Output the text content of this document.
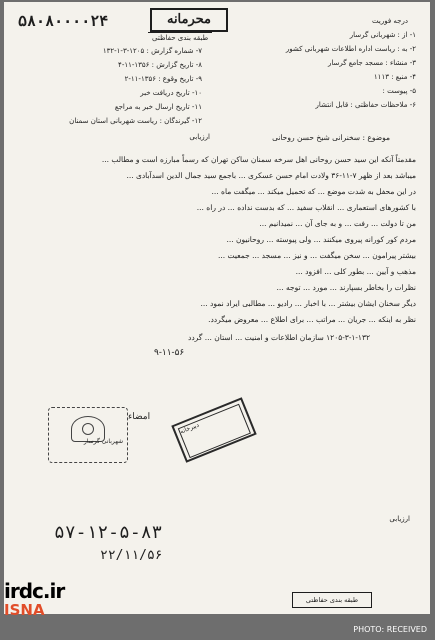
۵۸۰۸۰۰۰۰۲۴	محرمانه
طبقه بندی حفاظتی
درجه فوریت
۱- از : شهربانی گرسار
۲- به : ریاست اداره اطلاعات شهربانی کشور
۳- منشاء : مسجد جامع گرسار
۴- منبع : ۱۱۱۳
۵- پیوست :
۶- ملاحظات حفاظتی : قابل انتشار
۷- شماره گزارش : ۱۲۰۵-۳-۱-۱۳۲
۸- تاریخ گزارش : ۱۳۵۶-۱۱-۴
۹- تاریخ وقوع : ۱۳۵۶-۱۱-۲
۱۰- تاریخ دریافت خبر
۱۱- تاریخ ارسال خبر به مراجع
۱۲- گیرندگان : ریاست شهربانی استان سمنان
موضوع : سخنرانی شیخ حسن روحانی
ارزیابی
مقدمتاً آنکه این سید حسن روحانی اهل سرخه سمنان ساکن تهران که رسماً مبارزه است و مطالب ...
میباشد بعد از ظهر ۷-۱۱-۳۶ ولادت امام حسن عسکری ... باجمع سید جمال الدین اسدآبادی ...
در این محفل به شدت موضع ... که تحمیل میکند ... میگفت ماه ...
با کشورهای استعماری ... انقلاب سفید ... که بدست نداده ... در راه ...
من تا دولت ... رفت ... و به جای آن ... نمیدانیم ...
مردم کور کورانه پیروی میکنند ... ولی پیوسته ... روحانیون ...
بیشتر پیرامون ... سخن میگفت ... و نیز ... مسجد ... جمعیت ...
مذهب و آیین ... بطور کلی ... افزود ...
نظرات را بخاطر بسپارند ... مورد ... توجه ...
دیگر سخنان ایشان بیشتر ... با اخبار ... رادیو ... مطالبی ایراد نمود ...
نظر به اینکه ... جریان ... مراتب ... برای اطلاع ... معروض میگردد.
۱۲۰۵-۳-۱-۱۳۲ سازمان اطلاعات و امنیت ... استان ... گردد
۹-۱۱-۵۶
امضاء
شهربانی گرسار
دبیرخانه
ارزیابی
۵۷-۱۲-۵-۸۳
۲۲/۱۱/۵۶
طبقه بندی حفاظتی
irdc.ir
ISNA
PHOTO: RECEIVED
